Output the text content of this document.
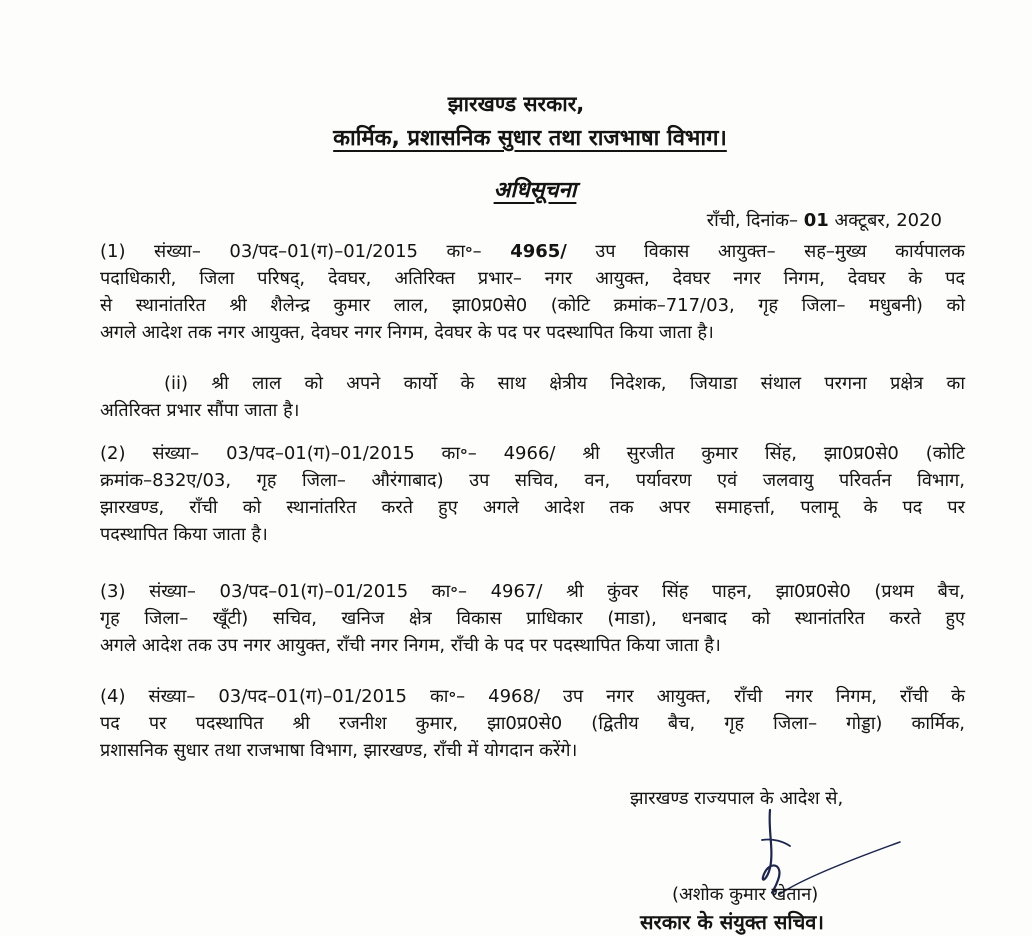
झारखण्ड सरकार,
कार्मिक, प्रशासनिक सुधार तथा राजभाषा विभाग।
अधिसूचना
राँची, दिनांक– 01 अक्टूबर, 2020
(1) संख्या– 03/पद–01(ग)–01/2015 का॰– 4965/ उप विकास आयुक्त– सह–मुख्य कार्यपालक
पदाधिकारी, जिला परिषद्, देवघर, अतिरिक्त प्रभार– नगर आयुक्त, देवघर नगर निगम, देवघर के पद
से स्थानांतरित श्री शैलेन्द्र कुमार लाल, झा0प्र0से0 (कोटि क्रमांक–717/03, गृह जिला– मधुबनी) को
अगले आदेश तक नगर आयुक्त, देवघर नगर निगम, देवघर के पद पर पदस्थापित किया जाता है।
(ii) श्री लाल को अपने कार्यो के साथ क्षेत्रीय निदेशक, जियाडा संथाल परगना प्रक्षेत्र का
अतिरिक्त प्रभार सौंपा जाता है।
(2) संख्या– 03/पद–01(ग)–01/2015 का॰– 4966/ श्री सुरजीत कुमार सिंह, झा0प्र0से0 (कोटि
क्रमांक–832ए/03, गृह जिला– औरंगाबाद) उप सचिव, वन, पर्यावरण एवं जलवायु परिवर्तन विभाग,
झारखण्ड, राँची को स्थानांतरित करते हुए अगले आदेश तक अपर समाहर्त्ता, पलामू के पद पर
पदस्थापित किया जाता है।
(3) संख्या– 03/पद–01(ग)–01/2015 का॰– 4967/ श्री कुंवर सिंह पाहन, झा0प्र0से0 (प्रथम बैच,
गृह जिला– खूँटी) सचिव, खनिज क्षेत्र विकास प्राधिकार (माडा), धनबाद को स्थानांतरित करते हुए
अगले आदेश तक उप नगर आयुक्त, राँची नगर निगम, राँची के पद पर पदस्थापित किया जाता है।
(4) संख्या– 03/पद–01(ग)–01/2015 का॰– 4968/ उप नगर आयुक्त, राँची नगर निगम, राँची के
पद पर पदस्थापित श्री रजनीश कुमार, झा0प्र0से0 (द्वितीय बैच, गृह जिला– गोड्डा) कार्मिक,
प्रशासनिक सुधार तथा राजभाषा विभाग, झारखण्ड, राँची में योगदान करेंगे।
झारखण्ड राज्यपाल के आदेश से,
(अशोक कुमार खेतान)
सरकार के संयुक्त सचिव।
